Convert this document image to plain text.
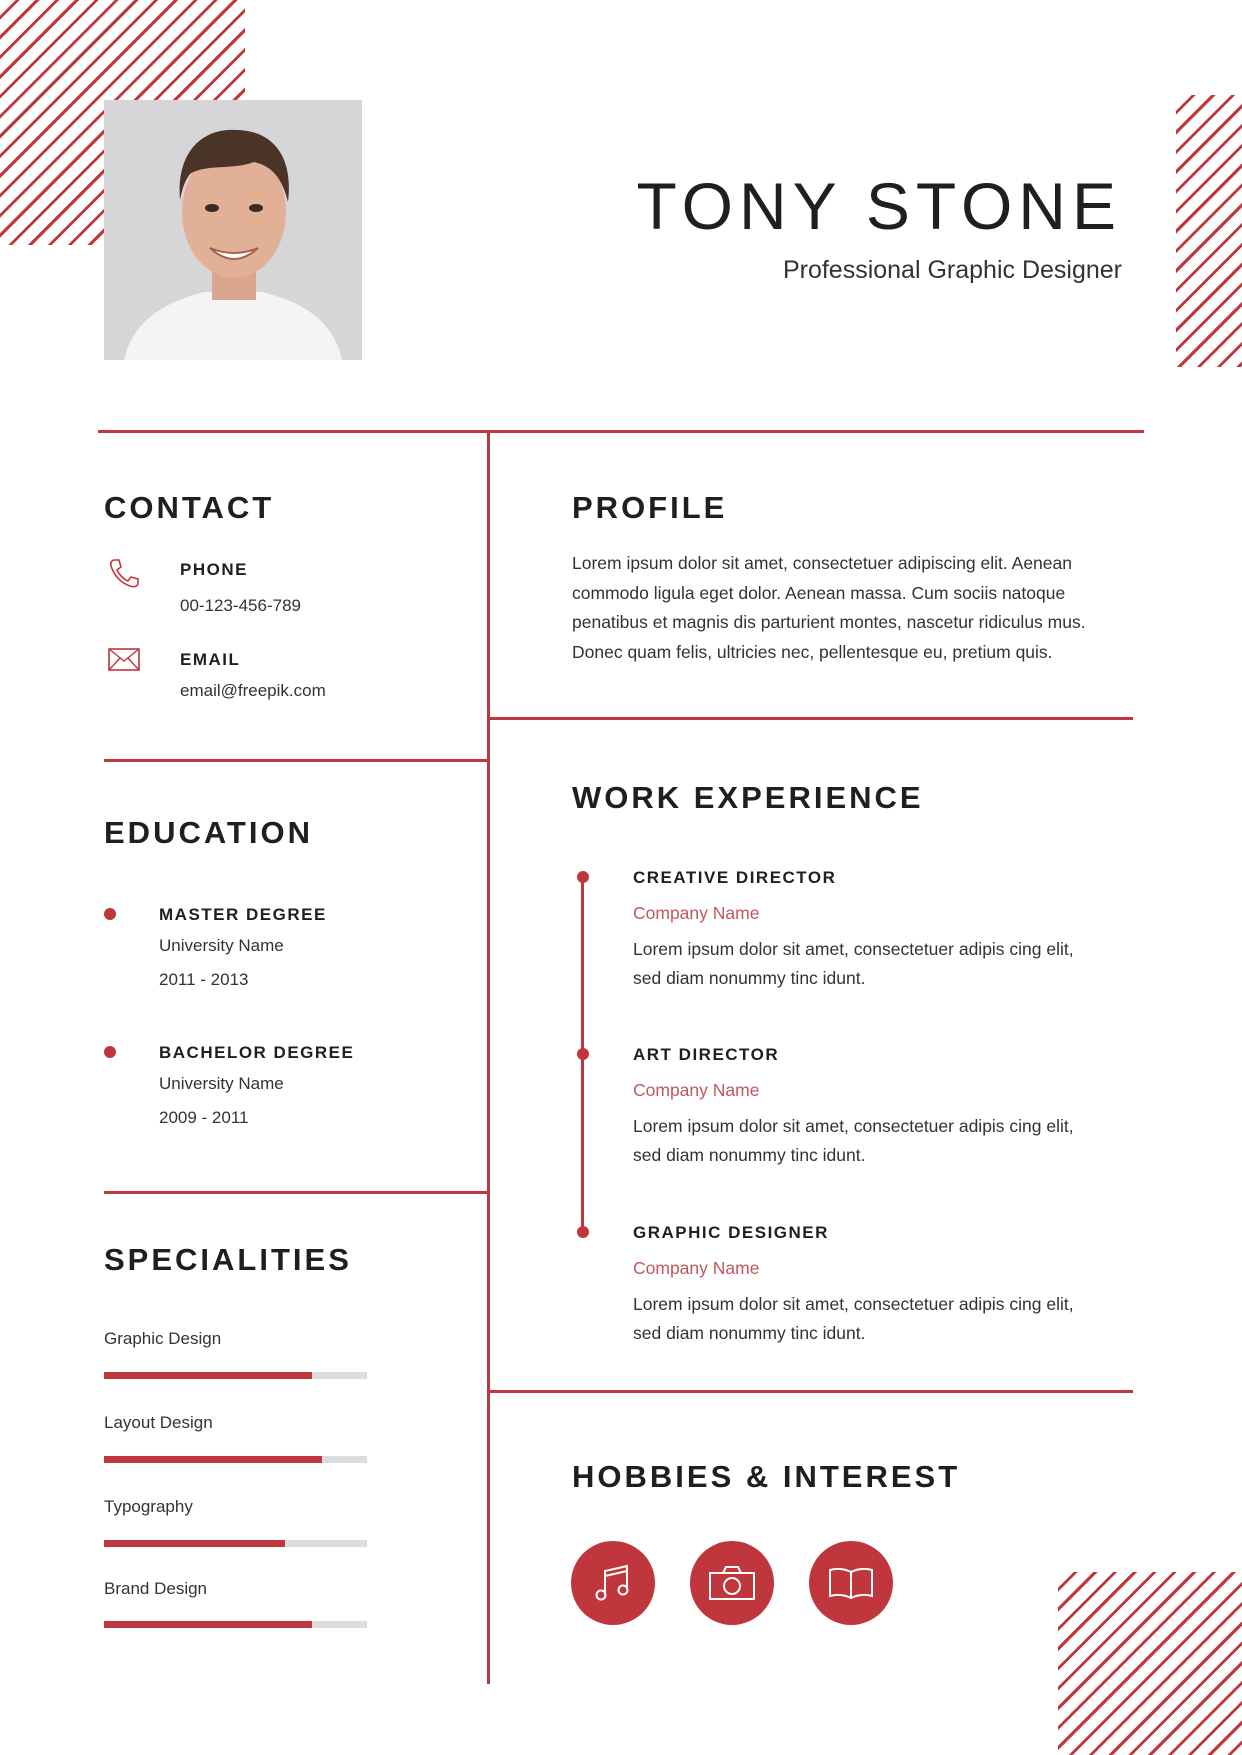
TONY STONE
Professional Graphic Designer
CONTACT
PHONE
00-123-456-789
EMAIL
email@freepik.com
EDUCATION
MASTER DEGREE
University Name
2011 - 2013
BACHELOR DEGREE
University Name
2009 - 2011
SPECIALITIES
Graphic Design
Layout Design
Typography
Brand Design
PROFILE
Lorem ipsum dolor sit amet, consectetuer adipiscing elit. Aenean
commodo ligula eget dolor. Aenean massa. Cum sociis natoque
penatibus et magnis dis parturient montes, nascetur ridiculus mus.
Donec quam felis, ultricies nec, pellentesque eu, pretium quis.
WORK EXPERIENCE
CREATIVE DIRECTOR
Company Name
Lorem ipsum dolor sit amet, consectetuer adipis cing elit,
sed diam nonummy tinc idunt.
ART DIRECTOR
Company Name
Lorem ipsum dolor sit amet, consectetuer adipis cing elit,
sed diam nonummy tinc idunt.
GRAPHIC DESIGNER
Company Name
Lorem ipsum dolor sit amet, consectetuer adipis cing elit,
sed diam nonummy tinc idunt.
HOBBIES & INTEREST
